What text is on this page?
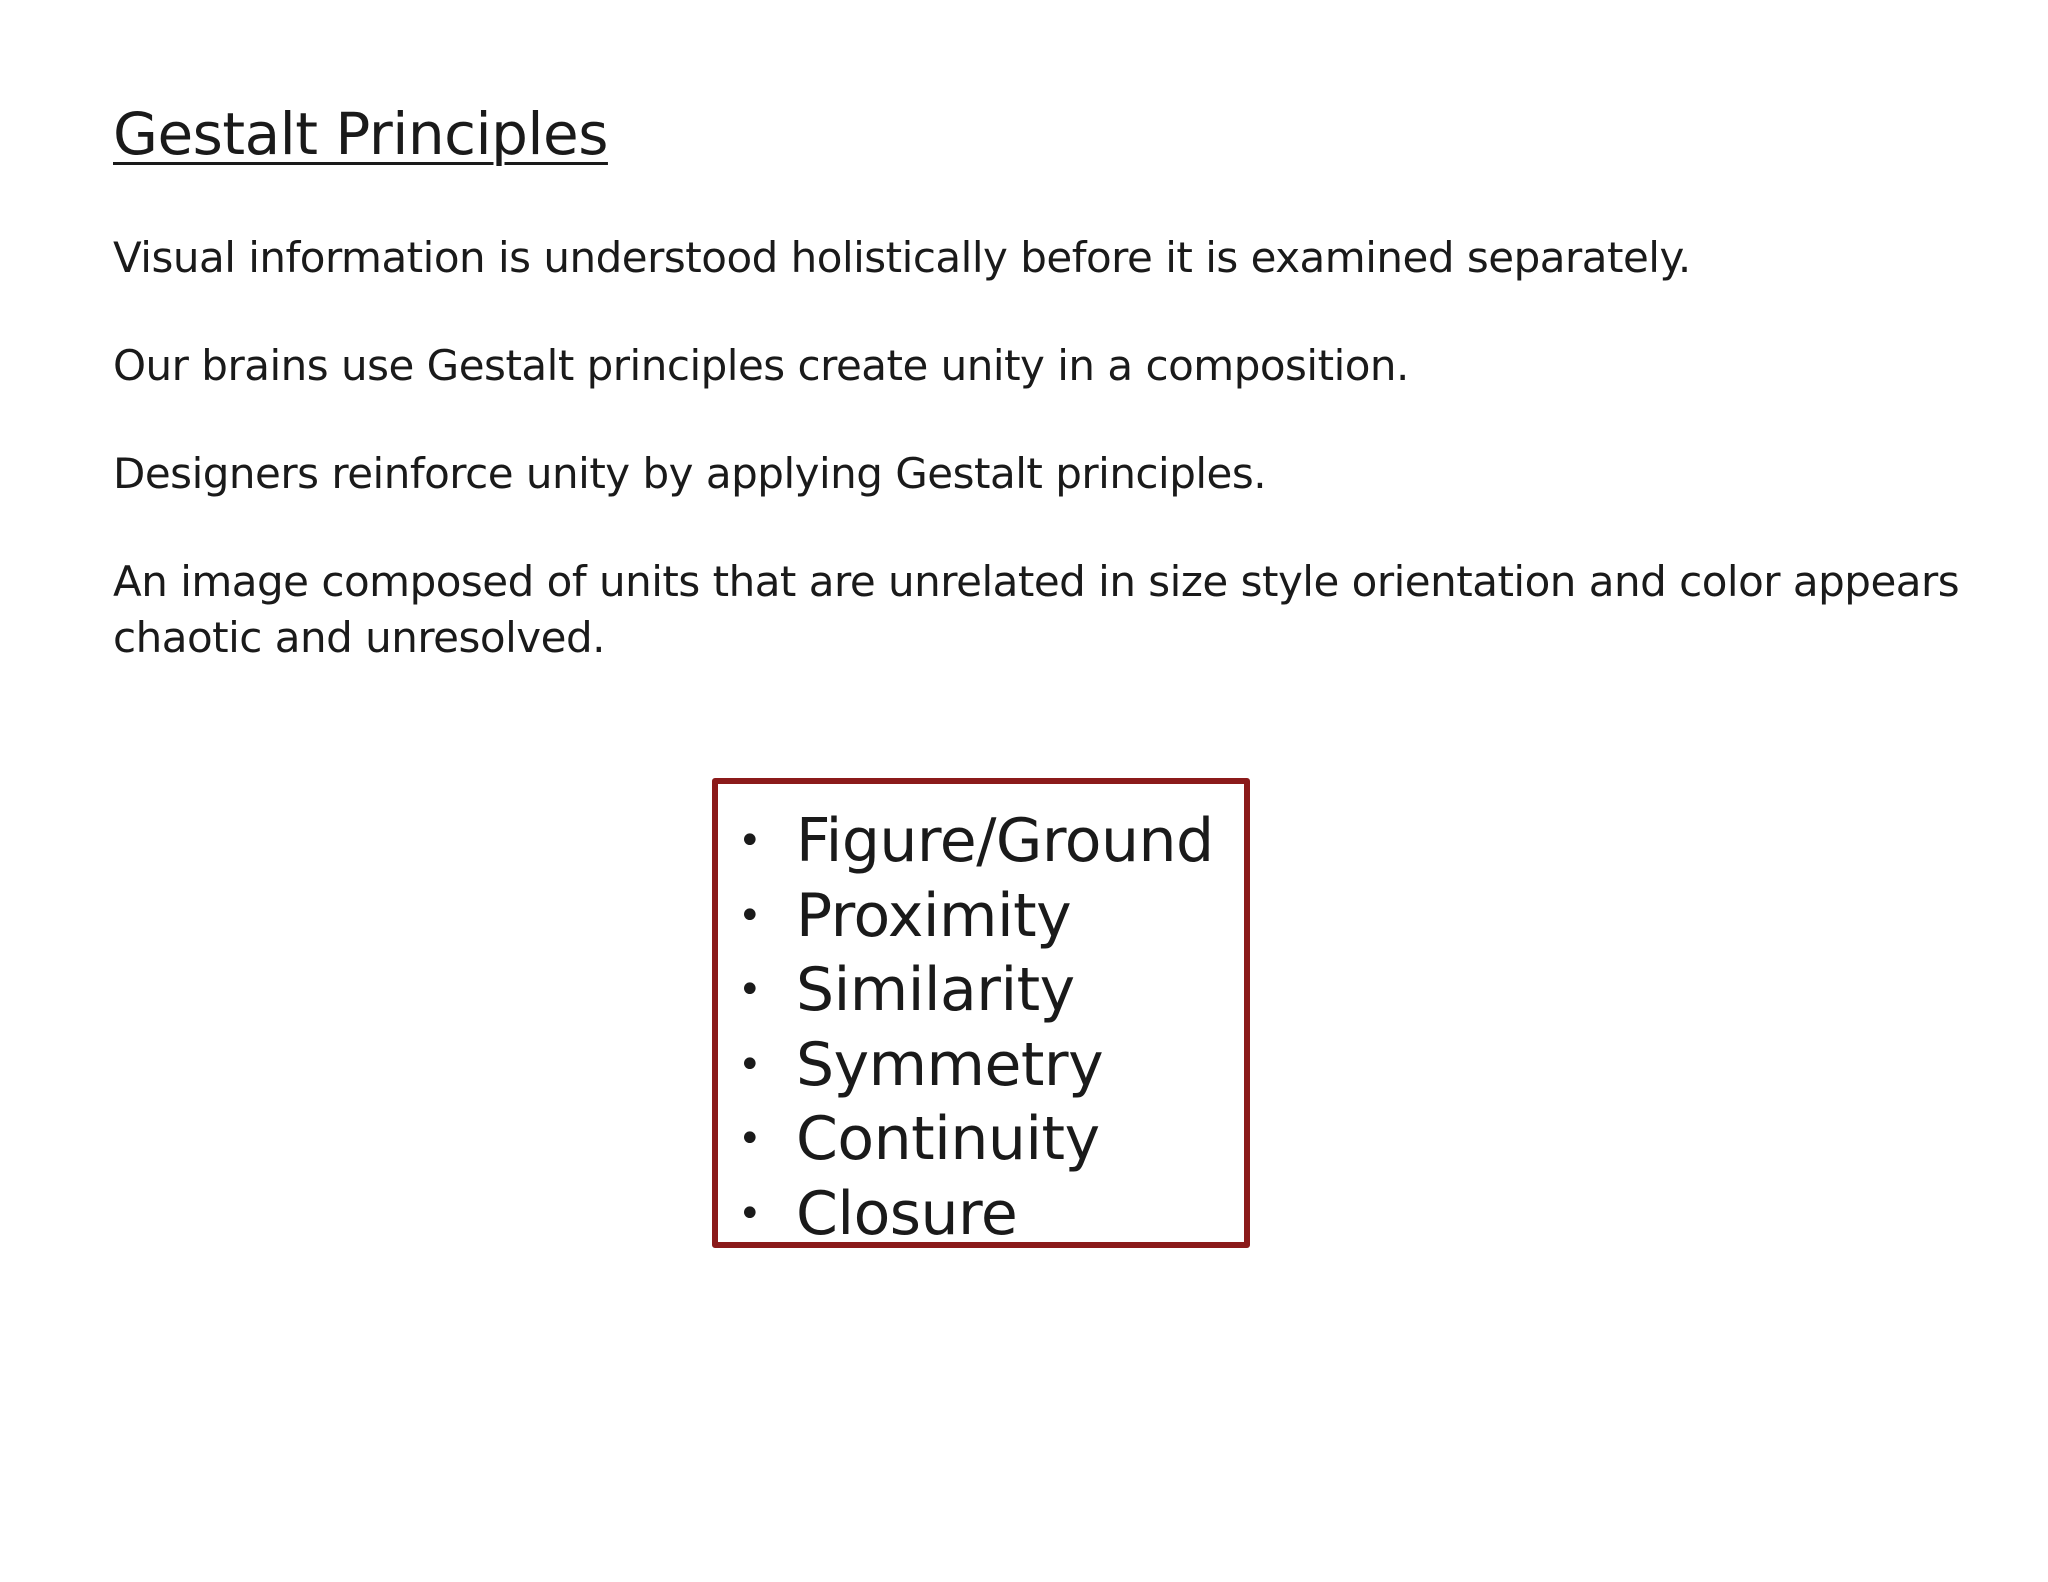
Gestalt Principles

Visual information is understood holistically before it is examined separately.

Our brains use Gestalt principles create unity in a composition.

Designers reinforce unity by applying Gestalt principles.

An image composed of units that are unrelated in size style orientation and color appears chaotic and unresolved.

• Figure/Ground
• Proximity
• Similarity
• Symmetry
• Continuity
• Closure
